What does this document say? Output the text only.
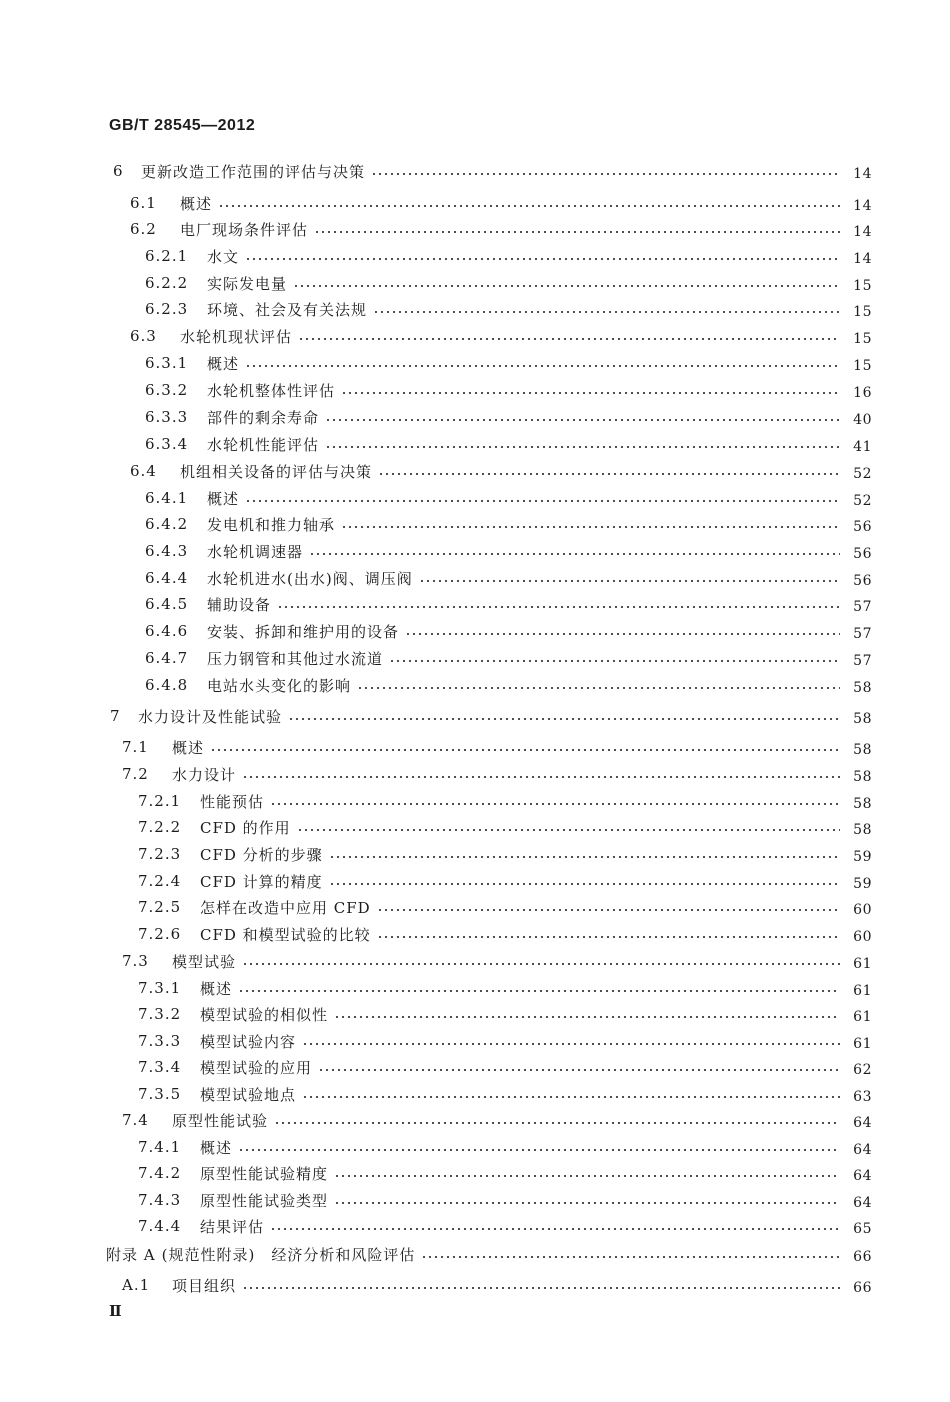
GB/T 28545—2012
6	更新改造工作范围的评估与决策	14
6.1	概述	14
6.2	电厂现场条件评估	14
6.2.1	水文	14
6.2.2	实际发电量	15
6.2.3	环境、社会及有关法规	15
6.3	水轮机现状评估	15
6.3.1	概述	15
6.3.2	水轮机整体性评估	16
6.3.3	部件的剩余寿命	40
6.3.4	水轮机性能评估	41
6.4	机组相关设备的评估与决策	52
6.4.1	概述	52
6.4.2	发电机和推力轴承	56
6.4.3	水轮机调速器	56
6.4.4	水轮机进水(出水)阀、调压阀	56
6.4.5	辅助设备	57
6.4.6	安装、拆卸和维护用的设备	57
6.4.7	压力钢管和其他过水流道	57
6.4.8	电站水头变化的影响	58
7	水力设计及性能试验	58
7.1	概述	58
7.2	水力设计	58
7.2.1	性能预估	58
7.2.2	CFD 的作用	58
7.2.3	CFD 分析的步骤	59
7.2.4	CFD 计算的精度	59
7.2.5	怎样在改造中应用 CFD	60
7.2.6	CFD 和模型试验的比较	60
7.3	模型试验	61
7.3.1	概述	61
7.3.2	模型试验的相似性	61
7.3.3	模型试验内容	61
7.3.4	模型试验的应用	62
7.3.5	模型试验地点	63
7.4	原型性能试验	64
7.4.1	概述	64
7.4.2	原型性能试验精度	64
7.4.3	原型性能试验类型	64
7.4.4	结果评估	65
附录 A (规范性附录)　经济分析和风险评估	66
A.1	项目组织	66
Ⅱ
